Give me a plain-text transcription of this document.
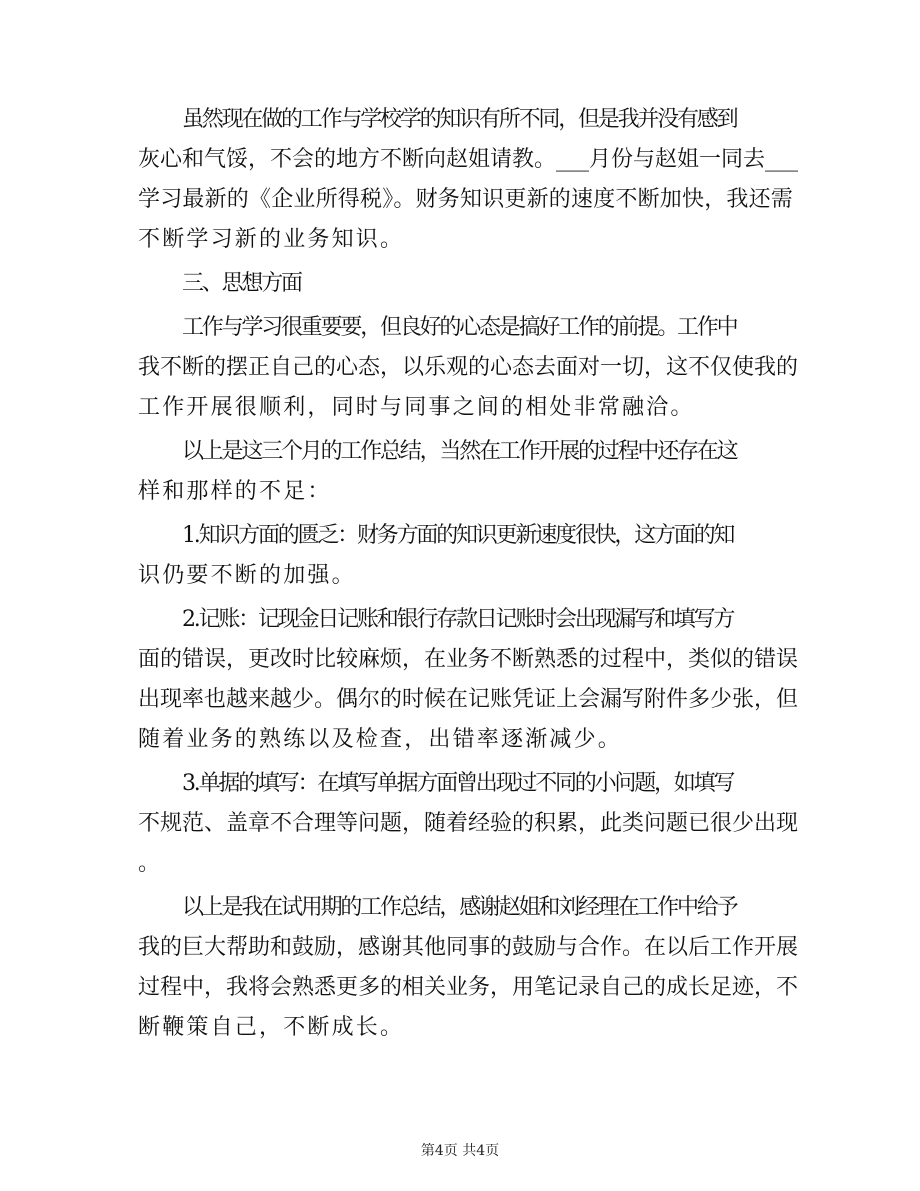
虽然现在做的工作与学校学的知识有所不同，但是我并没有感到
灰心和气馁，不会的地方不断向赵姐请教。___月份与赵姐一同去___
学习最新的《企业所得税》。财务知识更新的速度不断加快，我还需
不断学习新的业务知识。
三、思想方面
工作与学习很重要要，但良好的心态是搞好工作的前提。工作中
我不断的摆正自己的心态，以乐观的心态去面对一切，这不仅使我的
工作开展很顺利，同时与同事之间的相处非常融洽。
以上是这三个月的工作总结，当然在工作开展的过程中还存在这
样和那样的不足：
1.知识方面的匮乏：财务方面的知识更新速度很快，这方面的知
识仍要不断的加强。
2.记账：记现金日记账和银行存款日记账时会出现漏写和填写方
面的错误，更改时比较麻烦，在业务不断熟悉的过程中，类似的错误
出现率也越来越少。偶尔的时候在记账凭证上会漏写附件多少张，但
随着业务的熟练以及检查，出错率逐渐减少。
3.单据的填写：在填写单据方面曾出现过不同的小问题，如填写
不规范、盖章不合理等问题，随着经验的积累，此类问题已很少出现
。
以上是我在试用期的工作总结，感谢赵姐和刘经理在工作中给予
我的巨大帮助和鼓励，感谢其他同事的鼓励与合作。在以后工作开展
过程中，我将会熟悉更多的相关业务，用笔记录自己的成长足迹，不
断鞭策自己，不断成长。
第4页 共4页
